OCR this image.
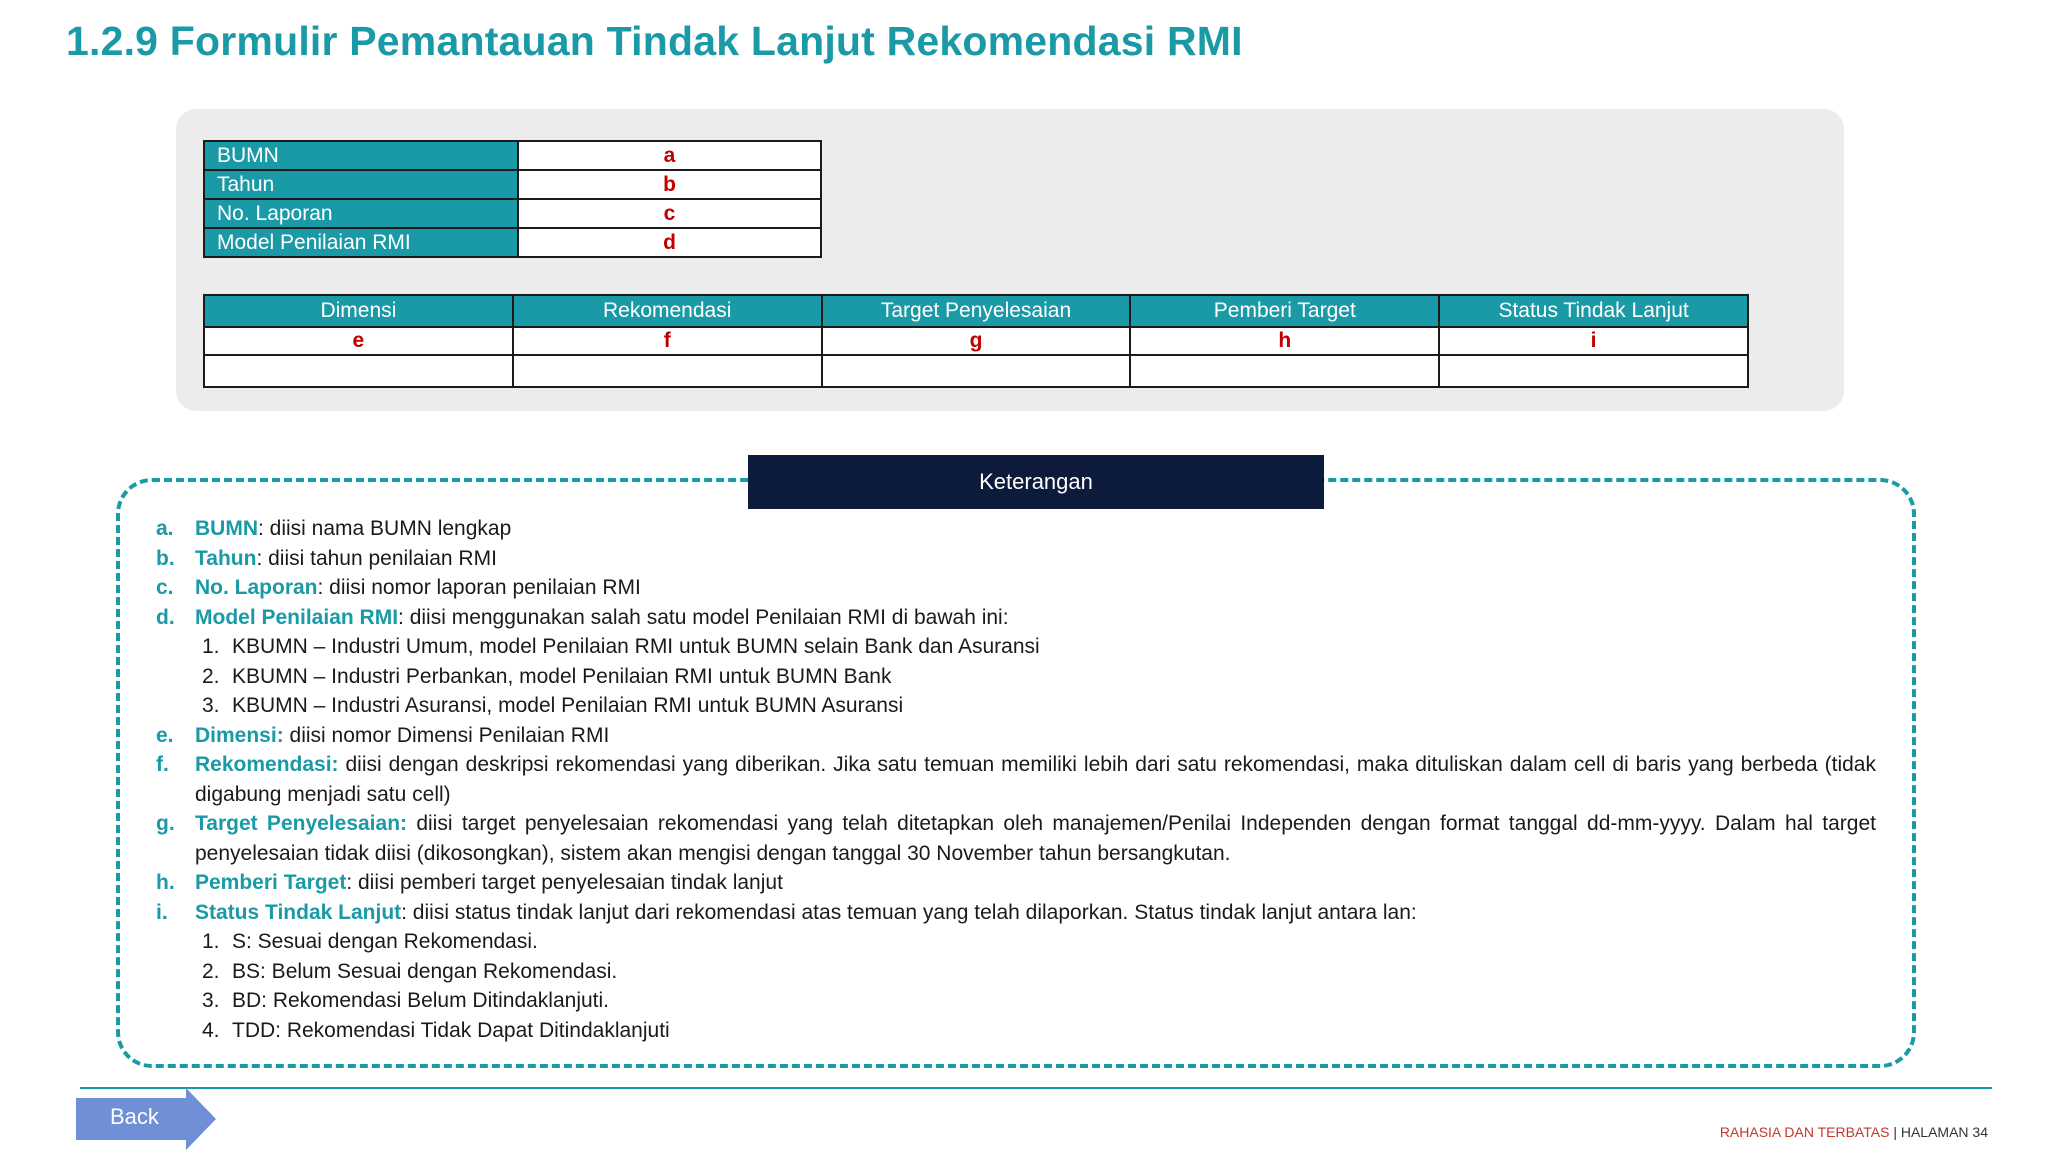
1.2.9 Formulir Pemantauan Tindak Lanjut Rekomendasi RMI
BUMN	a
Tahun	b
No. Laporan	c
Model Penilaian RMI	d
Dimensi	Rekomendasi	Target Penyelesaian	Pemberi Target	Status Tindak Lanjut
e	f	g	h	i

Keterangan
a.	BUMN: diisi nama BUMN lengkap
b. Tahun: diisi tahun penilaian RMI
c.	No. Laporan: diisi nomor laporan penilaian RMI
d. Model Penilaian RMI: diisi menggunakan salah satu model Penilaian RMI di bawah ini:
1. KBUMN – Industri Umum, model Penilaian RMI untuk BUMN selain Bank dan Asuransi
2. KBUMN – Industri Perbankan, model Penilaian RMI untuk BUMN Bank
3. KBUMN – Industri Asuransi, model Penilaian RMI untuk BUMN Asuransi
e.	Dimensi: diisi nomor Dimensi Penilaian RMI
f.	Rekomendasi: diisi dengan deskripsi rekomendasi yang diberikan. Jika satu temuan memiliki lebih dari satu rekomendasi, maka dituliskan dalam cell di baris yang berbeda (tidak digabung menjadi satu cell)
g. Target Penyelesaian: diisi target penyelesaian rekomendasi yang telah ditetapkan oleh manajemen/Penilai Independen dengan format tanggal dd-mm-yyyy. Dalam hal target penyelesaian tidak diisi (dikosongkan), sistem akan mengisi dengan tanggal 30 November tahun bersangkutan.
h. Pemberi Target: diisi pemberi target penyelesaian tindak lanjut
i.	Status Tindak Lanjut: diisi status tindak lanjut dari rekomendasi atas temuan yang telah dilaporkan. Status tindak lanjut antara lan:
1. S: Sesuai dengan Rekomendasi.
2. BS: Belum Sesuai dengan Rekomendasi.
3. BD: Rekomendasi Belum Ditindaklanjuti.
4. TDD: Rekomendasi Tidak Dapat Ditindaklanjuti
Back
RAHASIA DAN TERBATAS | HALAMAN 34
